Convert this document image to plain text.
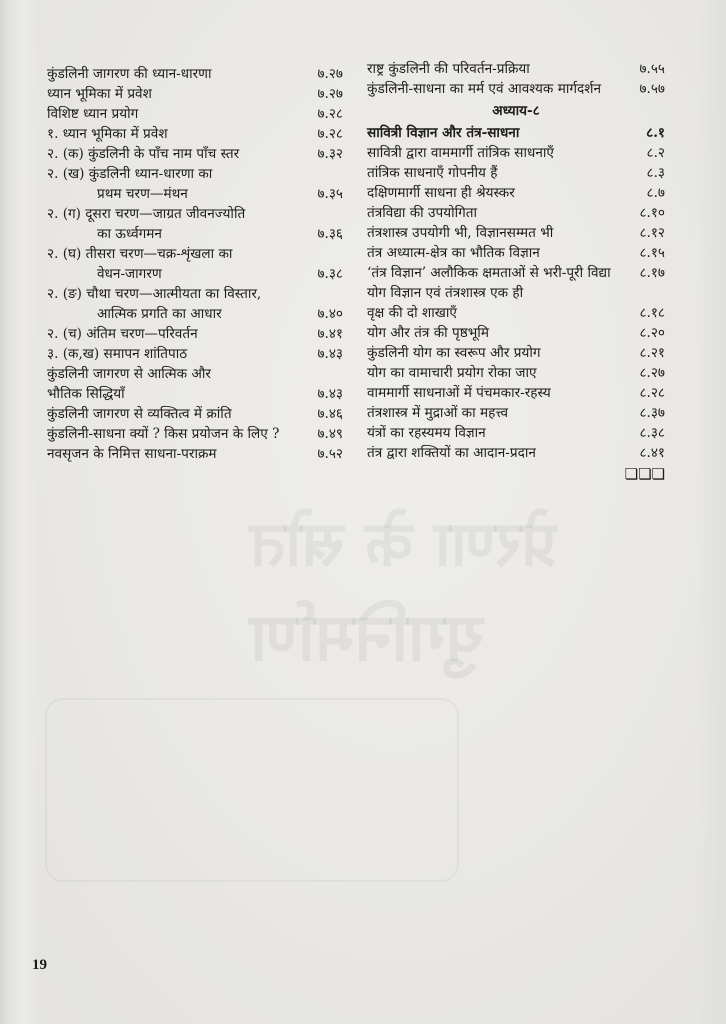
प्रेरणा के स्रोत
युगनिर्माण
कुंडलिनी जागरण की ध्यान-धारणा	७.२७
ध्यान भूमिका में प्रवेश	७.२७
विशिष्ट ध्यान प्रयोग	७.२८
१. ध्यान भूमिका में प्रवेश	७.२८
२. (क) कुंडलिनी के पाँच नाम पाँच स्तर	७.३२
२. (ख) कुंडलिनी ध्यान-धारणा का
प्रथम चरण—मंथन	७.३५
२. (ग) दूसरा चरण—जाग्रत जीवनज्योति
का ऊर्ध्वगमन	७.३६
२. (घ) तीसरा चरण—चक्र-शृंखला का
वेधन-जागरण	७.३८
२. (ङ) चौथा चरण—आत्मीयता का विस्तार,
आत्मिक प्रगति का आधार	७.४०
२. (च) अंतिम चरण—परिवर्तन	७.४१
३. (क,ख) समापन शांतिपाठ	७.४३
कुंडलिनी जागरण से आत्मिक और
भौतिक सिद्धियाँ	७.४३
कुंडलिनी जागरण से व्यक्तित्व में क्रांति	७.४६
कुंडलिनी-साधना क्यों ? किस प्रयोजन के लिए ?	७.४९
नवसृजन के निमित्त साधना-पराक्रम	७.५२
राष्ट्र कुंडलिनी की परिवर्तन-प्रक्रिया	७.५५
कुंडलिनी-साधना का मर्म एवं आवश्यक मार्गदर्शन	७.५७
अध्याय-८
सावित्री विज्ञान और तंत्र-साधना	८.१
सावित्री द्वारा वाममार्गी तांत्रिक साधनाएँ	८.२
तांत्रिक साधनाएँ गोपनीय हैं	८.३
दक्षिणमार्गी साधना ही श्रेयस्कर	८.७
तंत्रविद्या की उपयोगिता	८.१०
तंत्रशास्त्र उपयोगी भी, विज्ञानसम्मत भी	८.१२
तंत्र अध्यात्म-क्षेत्र का भौतिक विज्ञान	८.१५
‘तंत्र विज्ञान’ अलौकिक क्षमताओं से भरी-पूरी विद्या	८.१७
योग विज्ञान एवं तंत्रशास्त्र एक ही
वृक्ष की दो शाखाएँ	८.१८
योग और तंत्र की पृष्ठभूमि	८.२०
कुंडलिनी योग का स्वरूप और प्रयोग	८.२१
योग का वामाचारी प्रयोग रोका जाए	८.२७
वाममार्गी साधनाओं में पंचमकार-रहस्य	८.२८
तंत्रशास्त्र में मुद्राओं का महत्त्व	८.३७
यंत्रों का रहस्यमय विज्ञान	८.३८
तंत्र द्वारा शक्तियों का आदान-प्रदान	८.४१
❏❏❏
19
